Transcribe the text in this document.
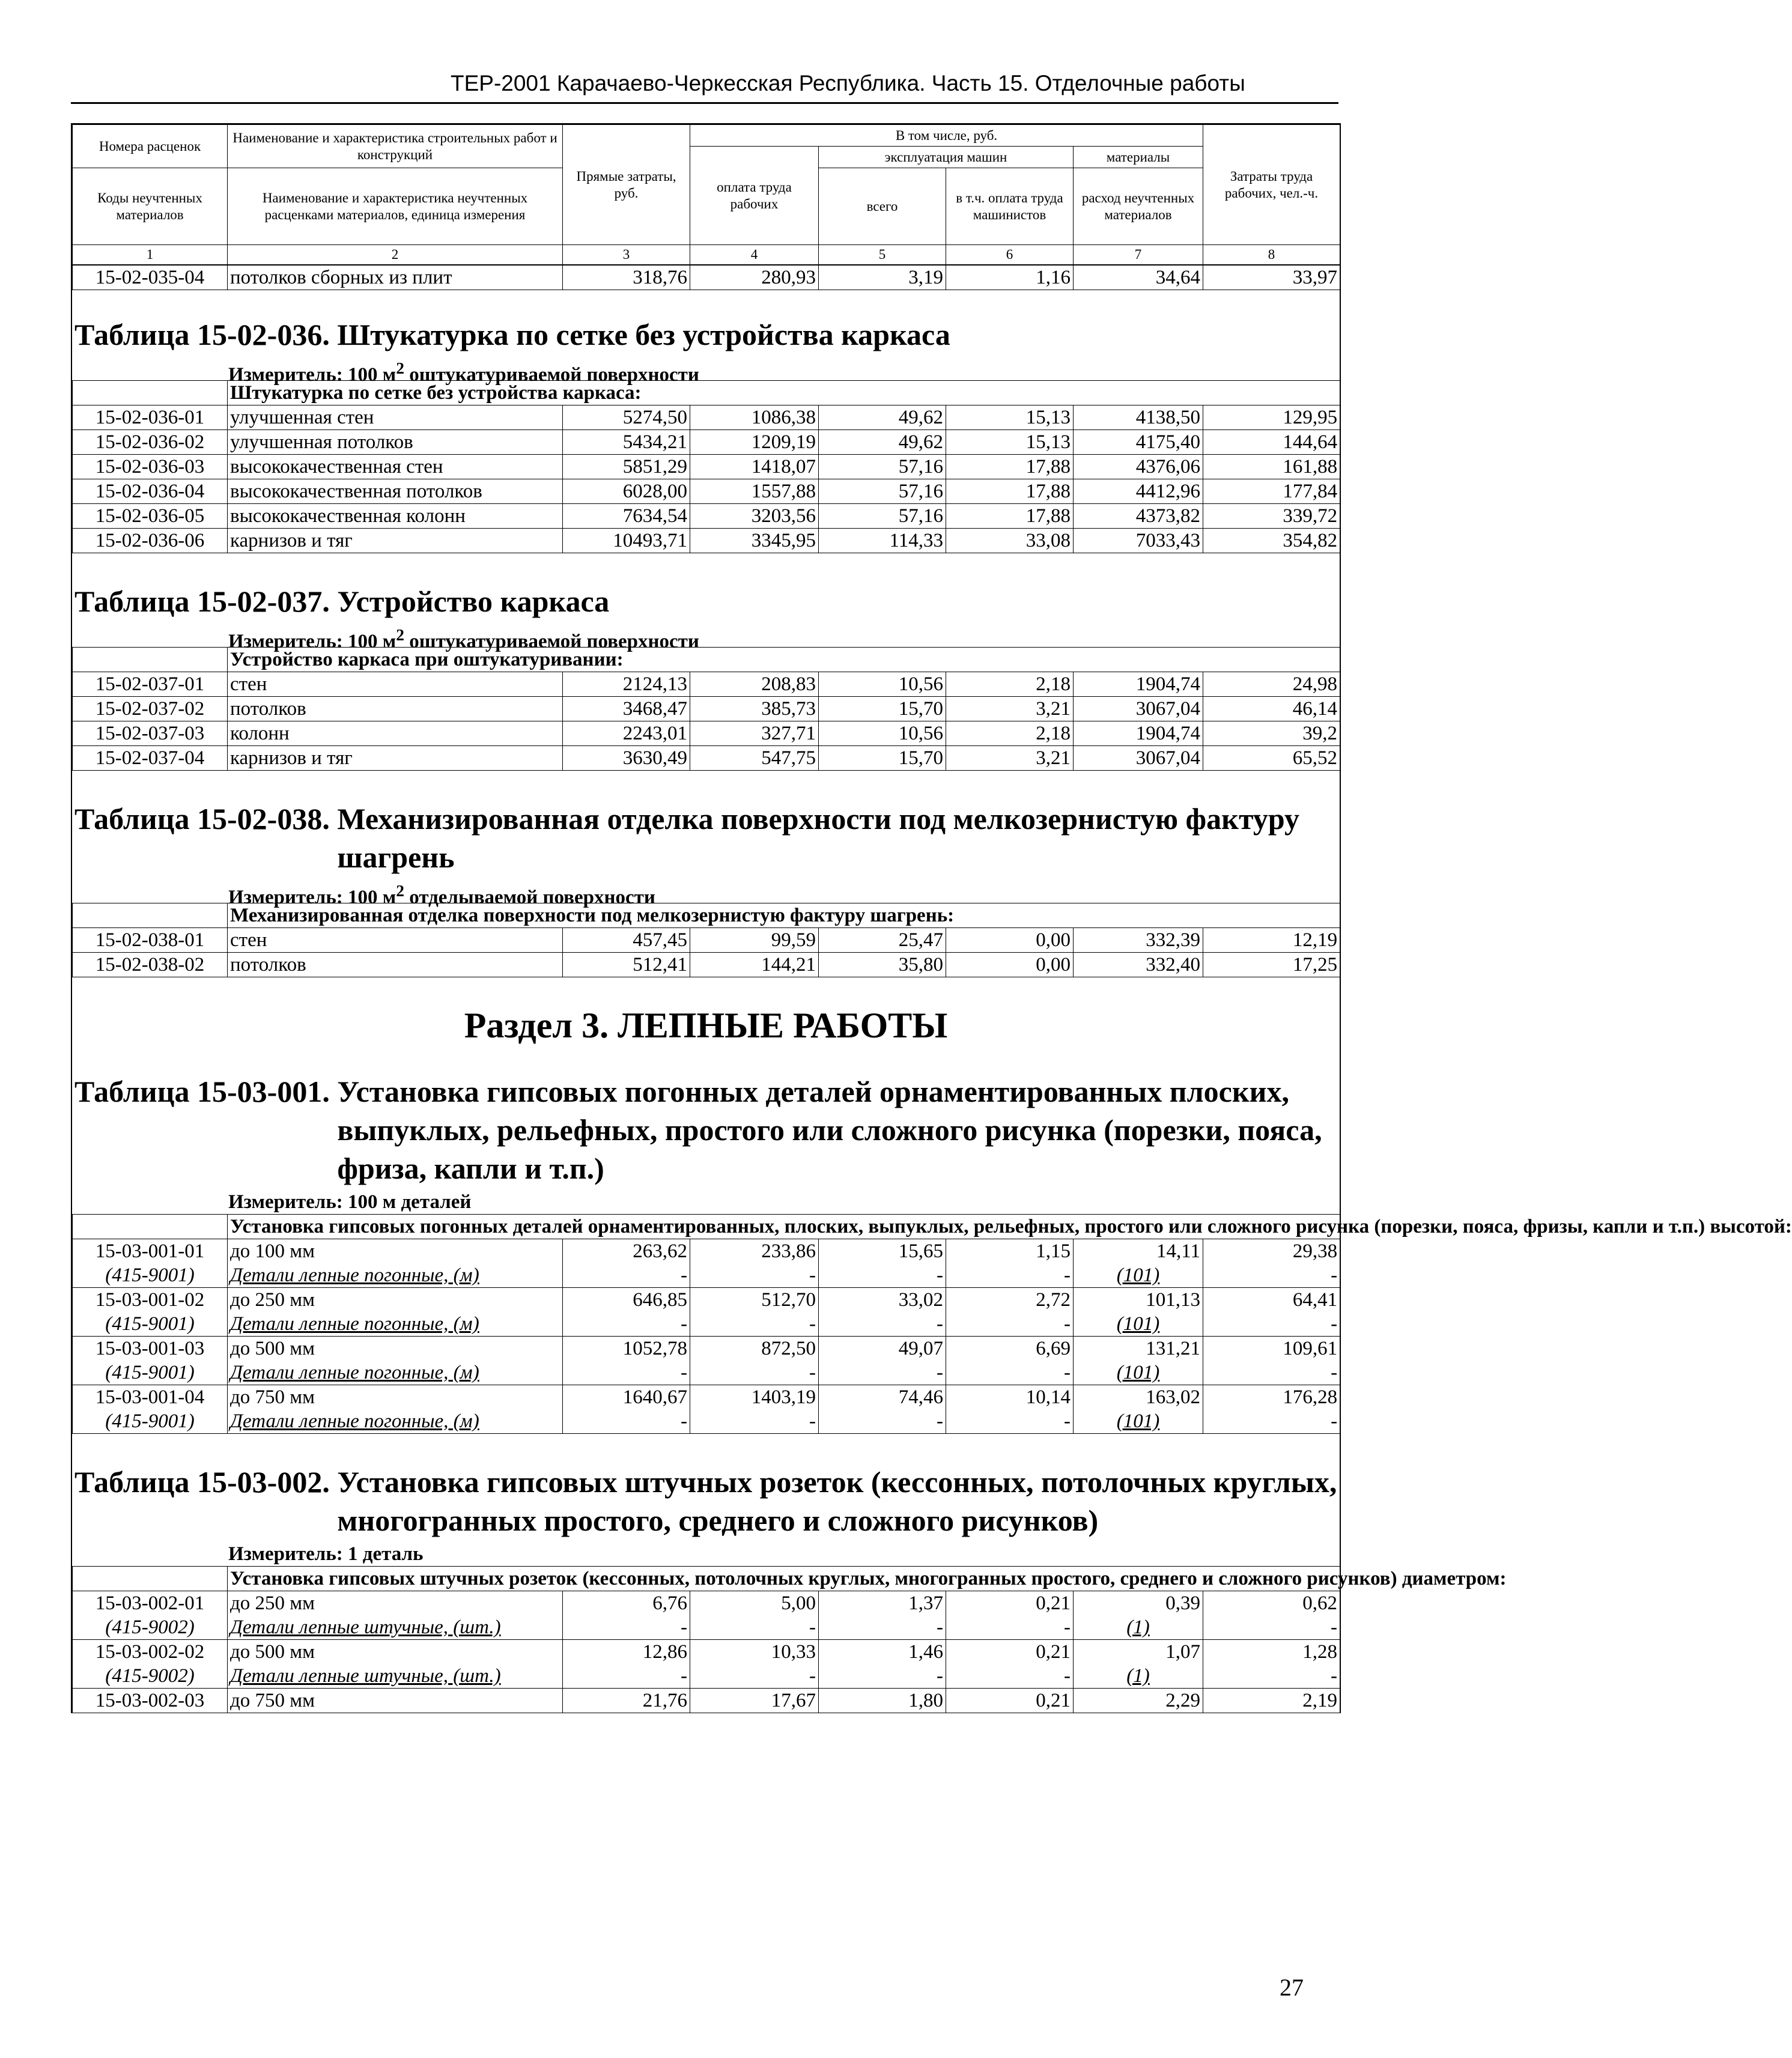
ТЕР-2001 Карачаево-Черкесская Республика. Часть 15. Отделочные работы
Номера расценок	Наименование и характеристика строительных работ и конструкций	Прямые затраты, руб.	В том числе, руб.				Затраты труда рабочих, чел.-ч.
			оплата труда рабочих	эксплуатация машин		материалы	
Коды неучтенных материалов	Наименование и характеристика неучтенных расценками материалов, единица измерения			всего	в т.ч. оплата труда машинистов	расход неучтенных материалов	

1	2	3	4	5	6	7	8
15-02-035-04	потолков сборных из плит	318,76	280,93	3,19	1,16	34,64	33,97
Таблица 15-02-036.
Штукатурка по сетке без устройства каркаса
Измеритель: 100 $м^2$ оштукатуриваемой поверхности
	Штукатурка по сетке без устройства каркаса:						
15-02-036-01	улучшенная стен	5274,50	1086,38	49,62	15,13	4138,50	129,95
15-02-036-02	улучшенная потолков	5434,21	1209,19	49,62	15,13	4175,40	144,64
15-02-036-03	высококачественная стен	5851,29	1418,07	57,16	17,88	4376,06	161,88
15-02-036-04	высококачественная потолков	6028,00	1557,88	57,16	17,88	4412,96	177,84
15-02-036-05	высококачественная колонн	7634,54	3203,56	57,16	17,88	4373,82	339,72
15-02-036-06	карнизов и тяг	10493,71	3345,95	114,33	33,08	7033,43	354,82
Таблица 15-02-037.
Устройство каркаса
Измеритель: 100 $м^2$ оштукатуриваемой поверхности
	Устройство каркаса при оштукатуривании:						
15-02-037-01	стен	2124,13	208,83	10,56	2,18	1904,74	24,98
15-02-037-02	потолков	3468,47	385,73	15,70	3,21	3067,04	46,14
15-02-037-03	колонн	2243,01	327,71	10,56	2,18	1904,74	39,2
15-02-037-04	карнизов и тяг	3630,49	547,75	15,70	3,21	3067,04	65,52
Таблица 15-02-038.
Механизированная отделка поверхности под мелкозернистую фактуру шагрень
Измеритель: 100 $м^2$ отделываемой поверхности
	Механизированная отделка поверхности под мелкозернистую фактуру шагрень:						
15-02-038-01	стен	457,45	99,59	25,47	0,00	332,39	12,19
15-02-038-02	потолков	512,41	144,21	35,80	0,00	332,40	17,25
Раздел 3. ЛЕПНЫЕ РАБОТЫ
Таблица 15-03-001.
Установка гипсовых погонных деталей орнаментированных плоских, выпуклых, рельефных, простого или сложного рисунка (порезки, пояса, фриза, капли и т.п.)
Измеритель: 100 м деталей
	Установка гипсовых погонных деталей орнаментированных, плоских, выпуклых, рельефных, простого или сложного рисунка (порезки, пояса, фризы, капли и т.п.) высотой:						
15-03-001-01	до 100 мм	263,62	233,86	15,65	1,15	14,11	29,38
(415-9001)	Детали лепные погонные, (м)	-	-	-	-	(101)	-
15-03-001-02	до 250 мм	646,85	512,70	33,02	2,72	101,13	64,41
(415-9001)	Детали лепные погонные, (м)	-	-	-	-	(101)	-
15-03-001-03	до 500 мм	1052,78	872,50	49,07	6,69	131,21	109,61
(415-9001)	Детали лепные погонные, (м)	-	-	-	-	(101)	-
15-03-001-04	до 750 мм	1640,67	1403,19	74,46	10,14	163,02	176,28
(415-9001)	Детали лепные погонные, (м)	-	-	-	-	(101)	-
Таблица 15-03-002.
Установка гипсовых штучных розеток (кессонных, потолочных круглых, многогранных простого, среднего и сложного рисунков)
Измеритель: 1 деталь
	Установка гипсовых штучных розеток (кессонных, потолочных круглых, многогранных простого, среднего и сложного рисунков) диаметром:						
15-03-002-01	до 250 мм	6,76	5,00	1,37	0,21	0,39	0,62
(415-9002)	Детали лепные штучные, (шт.)	-	-	-	-	(1)	-
15-03-002-02	до 500 мм	12,86	10,33	1,46	0,21	1,07	1,28
(415-9002)	Детали лепные штучные, (шт.)	-	-	-	-	(1)	-
15-03-002-03	до 750 мм	21,76	17,67	1,80	0,21	2,29	2,19
27
